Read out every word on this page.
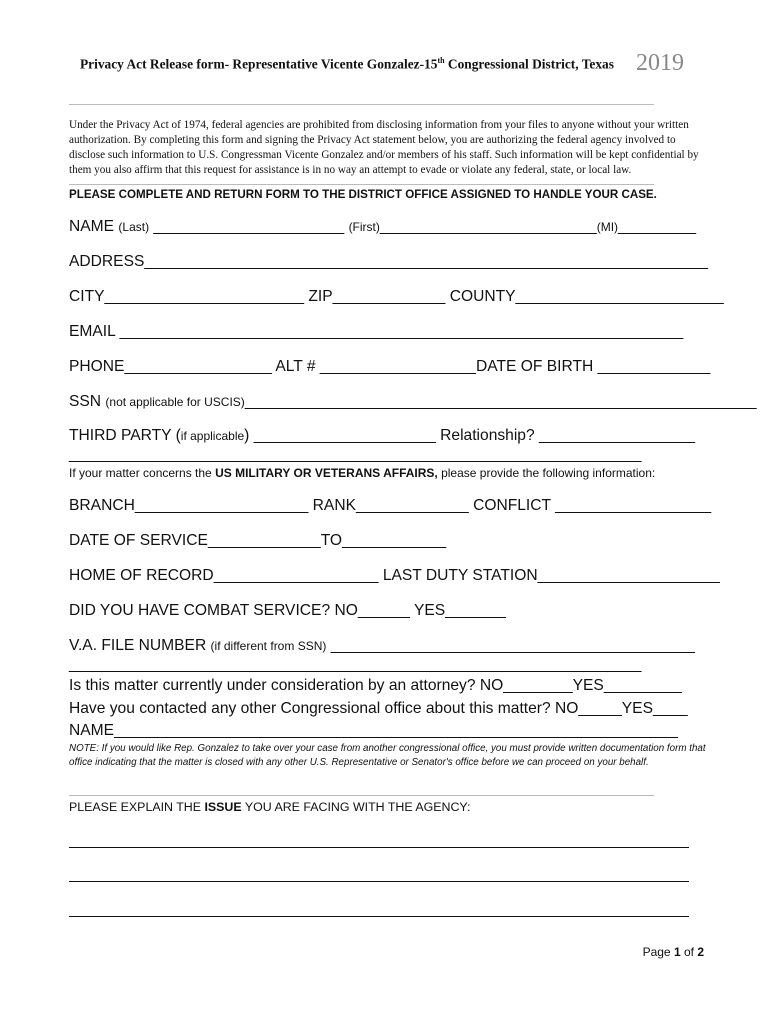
Privacy Act Release form- Representative Vicente Gonzalez-15th Congressional District, Texas 2019
Under the Privacy Act of 1974, federal agencies are prohibited from disclosing information from your files to anyone without your written authorization. By completing this form and signing the Privacy Act statement below, you are authorizing the federal agency involved to disclose such information to U.S. Congressman Vicente Gonzalez and/or members of his staff. Such information will be kept confidential by them you also affirm that this request for assistance is in no way an attempt to evade or violate any federal, state, or local law.
PLEASE COMPLETE AND RETURN FORM TO THE DISTRICT OFFICE ASSIGNED TO HANDLE YOUR CASE.
NAME (Last) ______________________ (First)_________________________(MI)_________
ADDRESS_________________________________________________________________
CITY_______________________ ZIP_____________ COUNTY________________________
EMAIL _________________________________________________________________
PHONE_________________ ALT # __________________DATE OF BIRTH _____________
SSN (not applicable for USCIS)___________________________________________________________
THIRD PARTY (if applicable) _____________________ Relationship? __________________
__________________________________________________________________
If your matter concerns the US MILITARY OR VETERANS AFFAIRS, please provide the following information:
BRANCH____________________ RANK_____________ CONFLICT __________________
DATE OF SERVICE_____________TO____________
HOME OF RECORD___________________ LAST DUTY STATION_____________________
DID YOU HAVE COMBAT SERVICE? NO______ YES_______
V.A. FILE NUMBER (if different from SSN) __________________________________________
__________________________________________________________________
Is this matter currently under consideration by an attorney? NO________YES_________
Have you contacted any other Congressional office about this matter? NO_____YES____
NAME_________________________________________________________________
NOTE: If you would like Rep. Gonzalez to take over your case from another congressional office, you must provide written documentation form that office indicating that the matter is closed with any other U.S. Representative or Senator's office before we can proceed on your behalf.
PLEASE EXPLAIN THE ISSUE YOU ARE FACING WITH THE AGENCY:
Page 1 of 2
